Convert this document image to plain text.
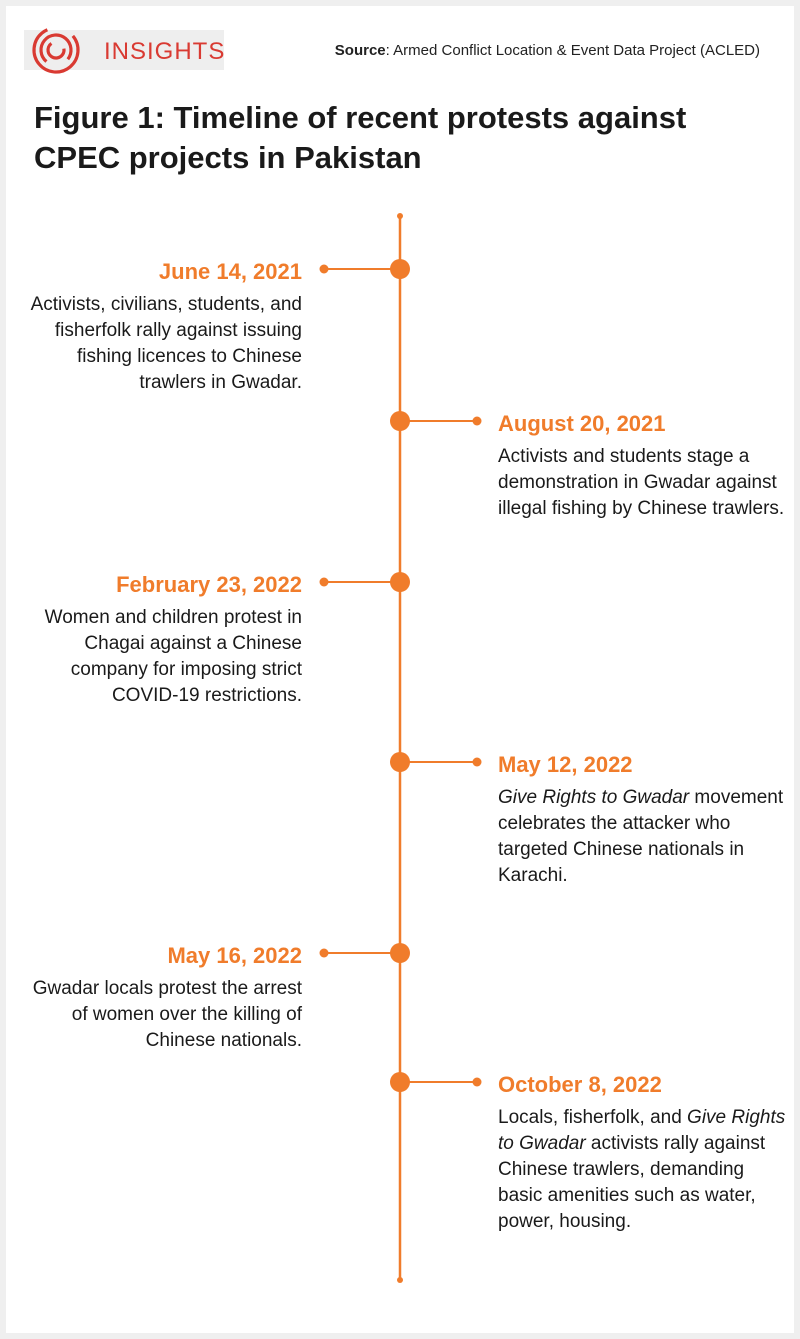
INSIGHTS	Source: Armed Conflict Location & Event Data Project (ACLED)
Figure 1: Timeline of recent protests against CPEC projects in Pakistan
June 14, 2021
Activists, civilians, students, and fisherfolk rally against issuing fishing licences to Chinese trawlers in Gwadar.
August 20, 2021
Activists and students stage a demonstration in Gwadar against illegal fishing by Chinese trawlers.
February 23, 2022
Women and children protest in Chagai against a Chinese company for imposing strict COVID-19 restrictions.
May 12, 2022
Give Rights to Gwadar movement celebrates the attacker who targeted Chinese nationals in Karachi.
May 16, 2022
Gwadar locals protest the arrest of women over the killing of Chinese nationals.
October 8, 2022
Locals, fisherfolk, and Give Rights to Gwadar activists rally against Chinese trawlers, demanding basic amenities such as water, power, housing.
